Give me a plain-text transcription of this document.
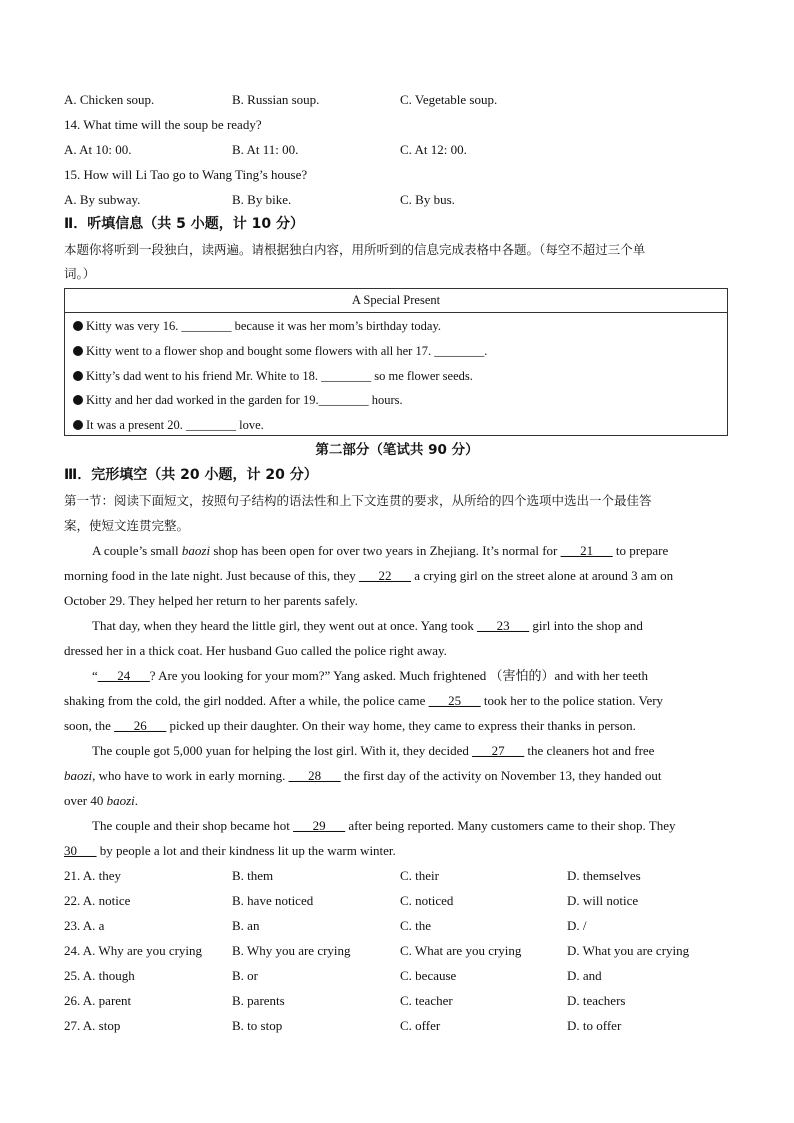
A. Chicken soup.	B. Russian soup.	C. Vegetable soup.
14. What time will the soup be ready?
A. At 10: 00.	B. At 11: 00.	C. At 12: 00.
15. How will Li Tao go to Wang Ting’s house?
A. By subway.	B. By bike.	C. By bus.
Ⅱ．听填信息（共 5 小题，计 10 分）
本题你将听到一段独白，读两遍。请根据独白内容，用所听到的信息完成表格中各题。（每空不超过三个单
词。）
A Special Present
Kitty was very 16. ________ because it was her mom’s birthday today.
Kitty went to a flower shop and bought some flowers with all her 17. ________.
Kitty’s dad went to his friend Mr. White to 18. ________ so me flower seeds.
Kitty and her dad worked in the garden for 19.________ hours.
It was a present 20. ________ love.
第二部分（笔试共 90 分）
Ⅲ．完形填空（共 20 小题，计 20 分）
第一节：阅读下面短文，按照句子结构的语法性和上下文连贯的要求，从所给的四个选项中选出一个最佳答
案，使短文连贯完整。
A couple’s small baozi shop has been open for over two years in Zhejiang. It’s normal for ___21___ to prepare
morning food in the late night. Just because of this, they ___22___ a crying girl on the street alone at around 3 am on
October 29. They helped her return to her parents safely.
That day, when they heard the little girl, they went out at once. Yang took ___23___ girl into the shop and
dressed her in a thick coat. Her husband Guo called the police right away.
“___24___? Are you looking for your mom?” Yang asked. Much frightened （害怕的）and with her teeth
shaking from the cold, the girl nodded. After a while, the police came ___25___ took her to the police station. Very
soon, the ___26___ picked up their daughter. On their way home, they came to express their thanks in person.
The couple got 5,000 yuan for helping the lost girl. With it, they decided ___27___ the cleaners hot and free
baozi, who have to work in early morning. ___28___ the first day of the activity on November 13, they handed out
over 40 baozi.
The couple and their shop became hot ___29___ after being reported. Many customers came to their shop. They
30___ by people a lot and their kindness lit up the warm winter.
21. A. they	B. them	C. their	D. themselves
22. A. notice	B. have noticed	C. noticed	D. will notice
23. A. a	B. an	C. the	D. /
24. A. Why are you crying B. Why you are crying	C. What are you crying	D. What you are crying
25. A. though	B. or	C. because	D. and
26. A. parent	B. parents	C. teacher	D. teachers
27. A. stop	B. to stop	C. offer	D. to offer
